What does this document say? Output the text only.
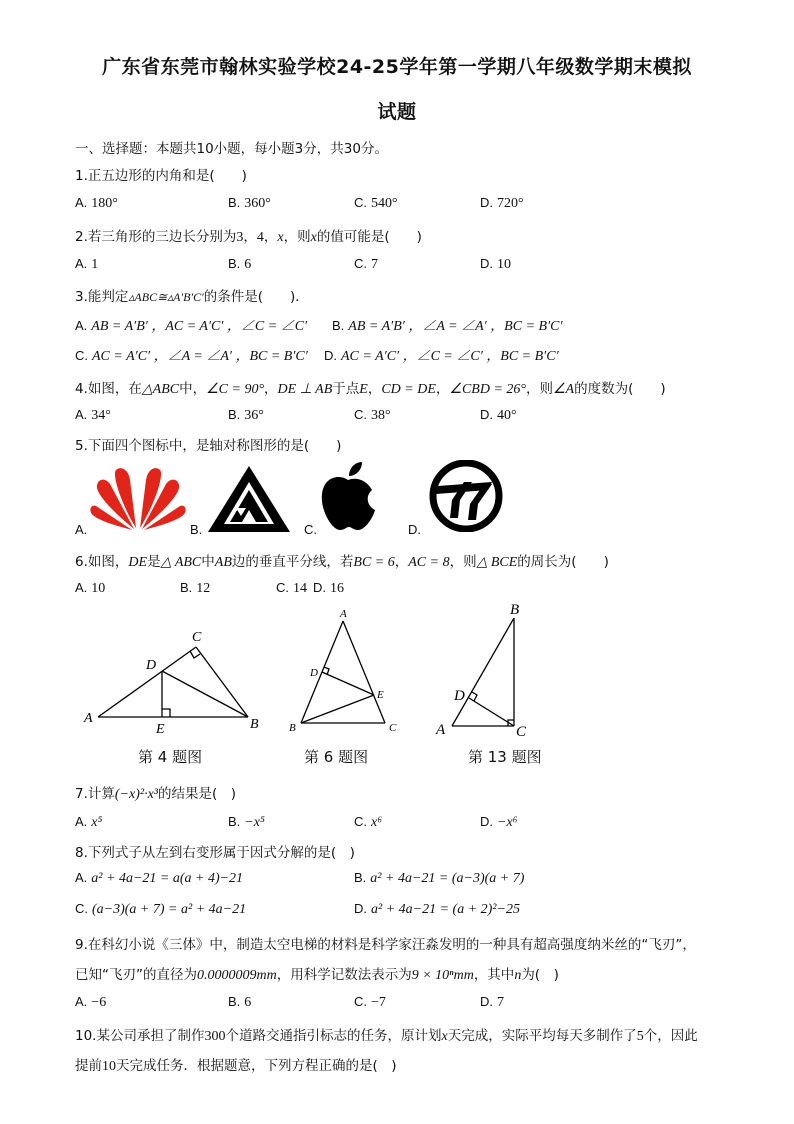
广东省东莞市翰林实验学校24-25学年第一学期八年级数学期末模拟
试题
一、选择题：本题共10小题，每小题3分，共30分。
1.正五边形的内角和是(　　)
A. 180°	B. 360°	C. 540°	D. 720°
2.若三角形的三边长分别为3，4，x，则x的值可能是(　　)
A. 1	B. 6	C. 7	D. 10
3.能判定▵ABC≅▵A′B′C′的条件是(　　)．
A. AB = A′B′ ，AC = A′C′ ，∠C = ∠C′ B. AB = A′B′ ，∠A = ∠A′ ，BC = B′C′
C. AC = A′C′ ，∠A = ∠A′ ，BC = B′C′ D. AC = A′C′ ，∠C = ∠C′ ，BC = B′C′
4.如图，在△ABC中，∠C = 90°，DE ⊥ AB于点E，CD = DE，∠CBD = 26°，则∠A的度数为(　　)
A. 34°	B. 36°	C. 38°	D. 40°
5.下面四个图标中，是轴对称图形的是(　　)
A.	B.	C.	D.
6.如图，DE是△ ABC中AB边的垂直平分线，若BC = 6，AC = 8，则△ BCE的周长为(　　)
A. 10	B. 12	C. 14 D. 16
A	B
C
D
E
第 4 题图
A
B	C
D
E
第 6 题图
B
A	C
D
第 13 题图
7.计算(−x)²·x³的结果是(　)
A. x⁵	B. −x⁵	C. x⁶	D. −x⁶
8.下列式子从左到右变形属于因式分解的是(　)
A. a² + 4a−21 = a(a + 4)−21	B. a² + 4a−21 = (a−3)(a + 7)
C. (a−3)(a + 7) = a² + 4a−21	D. a² + 4a−21 = (a + 2)²−25
9.在科幻小说《三体》中，制造太空电梯的材料是科学家汪淼发明的一种具有超高强度纳米丝的“飞刃”，
已知“飞刃”的直径为0.0000009mm，用科学记数法表示为9 × 10ⁿmm，其中n为(　)
A. −6	B. 6	C. −7	D. 7
10.某公司承担了制作300个道路交通指引标志的任务，原计划x天完成，实际平均每天多制作了5个，因此
提前10天完成任务．根据题意，下列方程正确的是(　)
